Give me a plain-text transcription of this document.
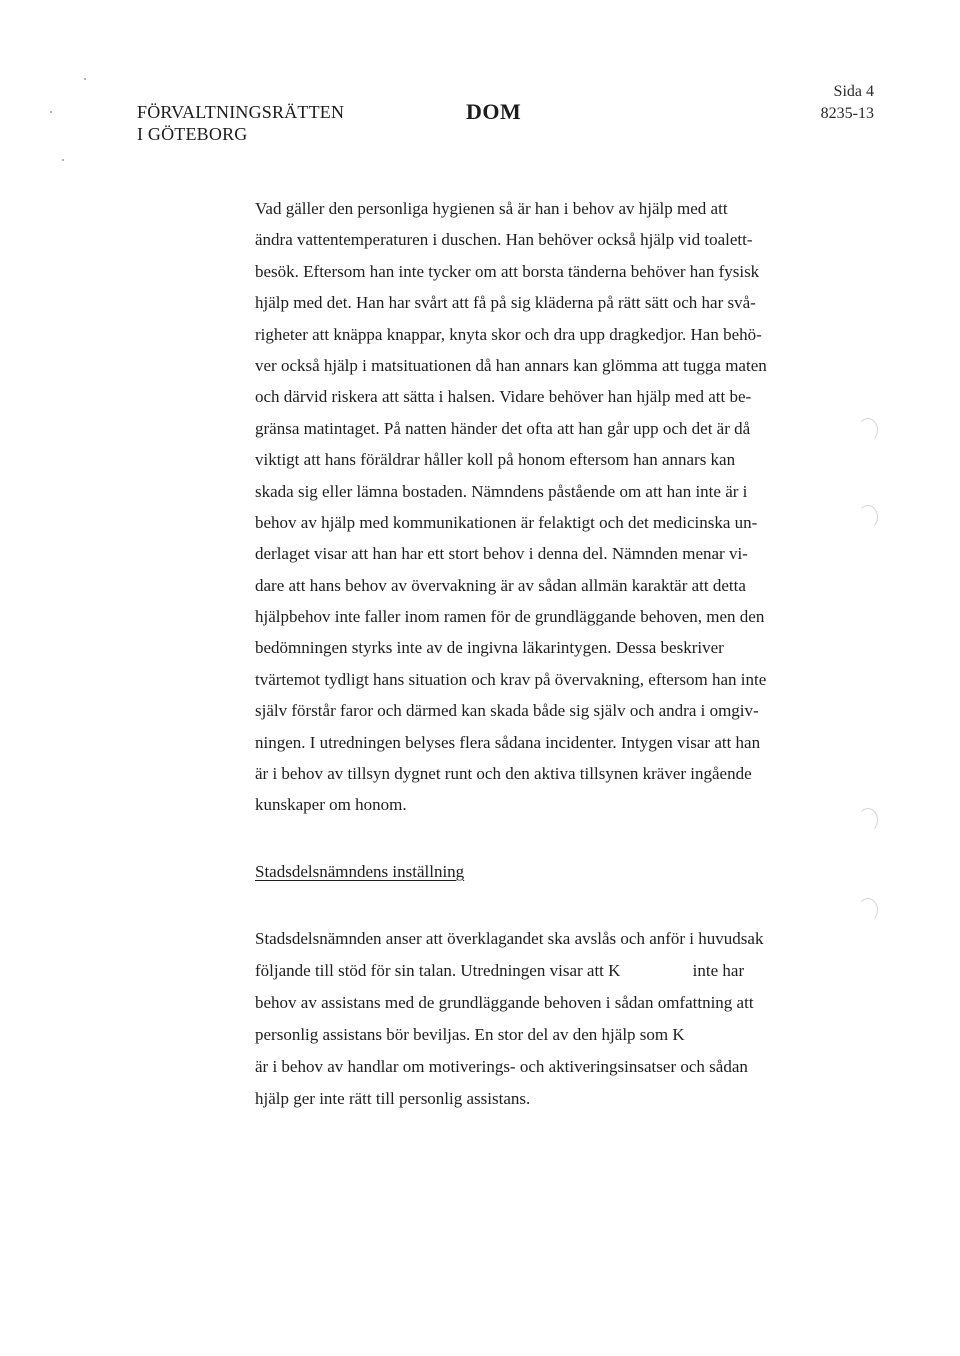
FÖRVALTNINGSRÄTTEN
I GÖTEBORG
DOM
Sida 4
8235-13
Vad gäller den personliga hygienen så är han i behov av hjälp med att
ändra vattentemperaturen i duschen. Han behöver också hjälp vid toalett-
besök. Eftersom han inte tycker om att borsta tänderna behöver han fysisk
hjälp med det. Han har svårt att få på sig kläderna på rätt sätt och har svå-
righeter att knäppa knappar, knyta skor och dra upp dragkedjor. Han behö-
ver också hjälp i matsituationen då han annars kan glömma att tugga maten
och därvid riskera att sätta i halsen. Vidare behöver han hjälp med att be-
gränsa matintaget. På natten händer det ofta att han går upp och det är då
viktigt att hans föräldrar håller koll på honom eftersom han annars kan
skada sig eller lämna bostaden. Nämndens påstående om att han inte är i
behov av hjälp med kommunikationen är felaktigt och det medicinska un-
derlaget visar att han har ett stort behov i denna del. Nämnden menar vi-
dare att hans behov av övervakning är av sådan allmän karaktär att detta
hjälpbehov inte faller inom ramen för de grundläggande behoven, men den
bedömningen styrks inte av de ingivna läkarintygen. Dessa beskriver
tvärtemot tydligt hans situation och krav på övervakning, eftersom han inte
själv förstår faror och därmed kan skada både sig själv och andra i omgiv-
ningen. I utredningen belyses flera sådana incidenter. Intygen visar att han
är i behov av tillsyn dygnet runt och den aktiva tillsynen kräver ingående
kunskaper om honom.
Stadsdelsnämndens inställning
Stadsdelsnämnden anser att överklagandet ska avslås och anför i huvudsak
följande till stöd för sin talan. Utredningen visar att K                 inte har
behov av assistans med de grundläggande behoven i sådan omfattning att
personlig assistans bör beviljas. En stor del av den hjälp som K
är i behov av handlar om motiverings- och aktiveringsinsatser och sådan
hjälp ger inte rätt till personlig assistans.
